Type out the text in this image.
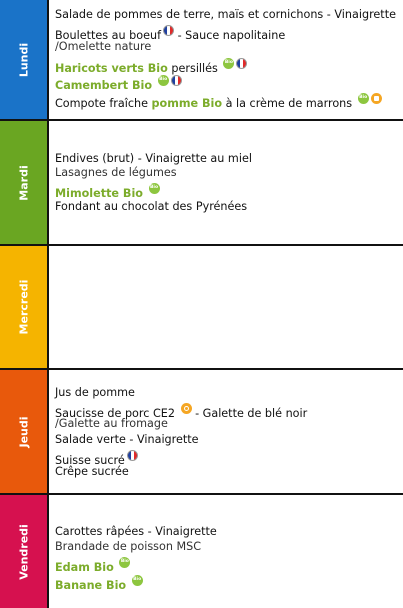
Lundi
Salade de pommes de terre, maïs et cornichons - Vinaigrette
Boulettes au boeuf - Sauce napolitaine
/Omelette nature
Haricots verts Bio persillés Bio
Camembert Bio Bio
Compote fraîche pomme Bio à la crème de marrons Bio
Mardi
Endives (brut) - Vinaigrette au miel
Lasagnes de légumes
Mimolette Bio Bio
Fondant au chocolat des Pyrénées
Mercredi
Jeudi
Jus de pomme
Saucisse de porc CE2  - Galette de blé noir
/Galette au fromage
Salade verte - Vinaigrette
Suisse sucré
Crêpe sucrée
Vendredi Carottes râpées - Vinaigrette
Brandade de poisson MSC
Edam Bio Bio
Banane Bio Bio
